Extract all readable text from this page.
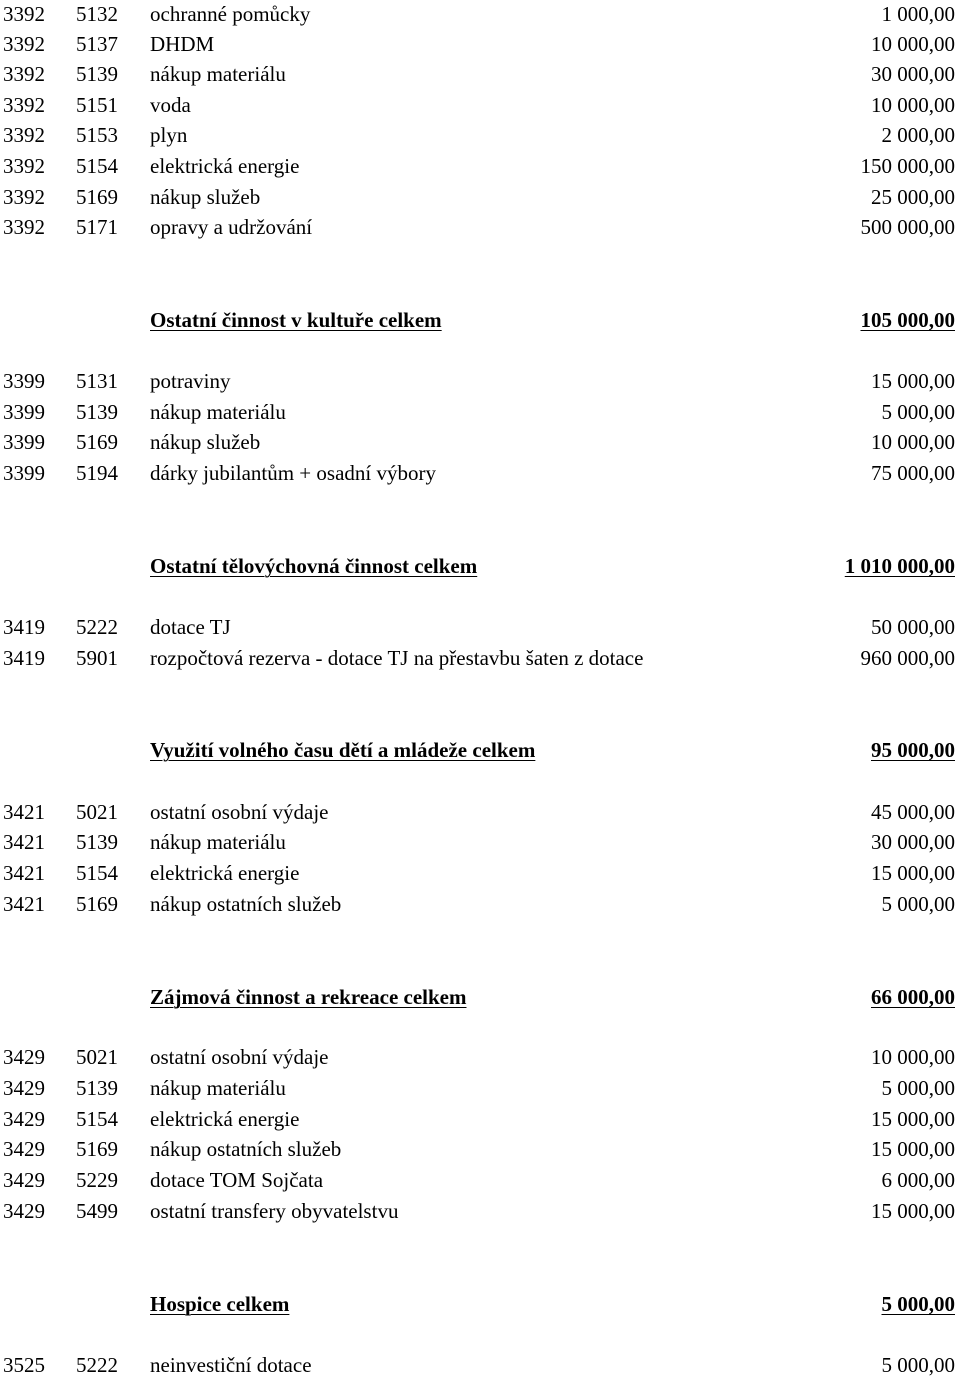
3392 5132 ochranné pomůcky	1 000,00
3392 5137 DHDM	10 000,00
3392 5139 nákup materiálu	30 000,00
3392 5151 voda	10 000,00
3392 5153 plyn	2 000,00
3392 5154 elektrická energie	150 000,00
3392 5169 nákup služeb	25 000,00
3392 5171 opravy a udržování	500 000,00
Ostatní činnost v kultuře celkem	105 000,00
3399 5131 potraviny	15 000,00
3399 5139 nákup materiálu	5 000,00
3399 5169 nákup služeb	10 000,00
3399 5194 dárky jubilantům + osadní výbory	75 000,00
Ostatní tělovýchovná činnost celkem	1 010 000,00
3419 5222 dotace TJ	50 000,00
3419 5901 rozpočtová rezerva - dotace TJ na přestavbu šaten z dotace	960 000,00
Využití volného času dětí a mládeže celkem	95 000,00
3421 5021 ostatní osobní výdaje	45 000,00
3421 5139 nákup materiálu	30 000,00
3421 5154 elektrická energie	15 000,00
3421 5169 nákup ostatních služeb	5 000,00
Zájmová činnost a rekreace celkem	66 000,00
3429 5021 ostatní osobní výdaje	10 000,00
3429 5139 nákup materiálu	5 000,00
3429 5154 elektrická energie	15 000,00
3429 5169 nákup ostatních služeb	15 000,00
3429 5229 dotace TOM Sojčata	6 000,00
3429 5499 ostatní transfery obyvatelstvu	15 000,00
Hospice celkem	5 000,00
3525 5222 neinvestiční dotace	5 000,00
